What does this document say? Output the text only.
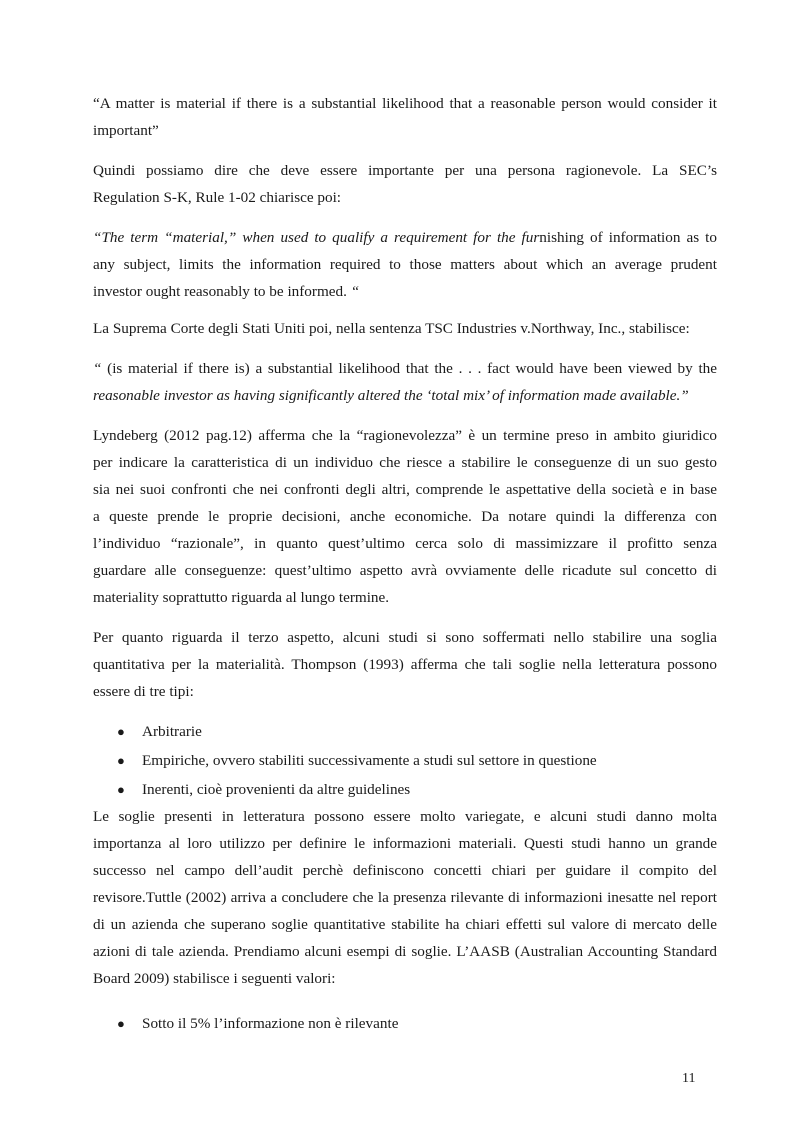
“A matter is material if there is a substantial likelihood that a reasonable person would consider it
important”

Quindi possiamo dire che deve essere importante per una persona ragionevole. La SEC’s
Regulation S-K, Rule 1-02 chiarisce poi:

“The term “material,” when used to qualify a requirement for the furnishing of information as to
any subject, limits the information required to those matters about which an average prudent
investor ought reasonably to be informed. “

La Suprema Corte degli Stati Uniti poi, nella sentenza TSC Industries v.Northway, Inc., stabilisce:

“ (is material if there is) a substantial likelihood that the . . . fact would have been viewed by the
reasonable investor as having significantly altered the ‘total mix’ of information made available.”

Lyndeberg (2012 pag.12) afferma che la “ragionevolezza” è un termine preso in ambito giuridico
per indicare la caratteristica di un individuo che riesce a stabilire le conseguenze di un suo gesto
sia nei suoi confronti che nei confronti degli altri, comprende le aspettative della società e in base
a queste prende le proprie decisioni, anche economiche. Da notare quindi la differenza con
l’individuo “razionale”, in quanto quest’ultimo cerca solo di massimizzare il profitto senza
guardare alle conseguenze: quest’ultimo aspetto avrà ovviamente delle ricadute sul concetto di
materiality soprattutto riguarda al lungo termine.

Per quanto riguarda il terzo aspetto, alcuni studi si sono soffermati nello stabilire una soglia
quantitativa per la materialità. Thompson (1993) afferma che tali soglie nella letteratura possono
essere di tre tipi:

● Arbitrarie
● Empiriche, ovvero stabiliti successivamente a studi sul settore in questione
● Inerenti, cioè provenienti da altre guidelines

Le soglie presenti in letteratura possono essere molto variegate, e alcuni studi danno molta
importanza al loro utilizzo per definire le informazioni materiali. Questi studi hanno un grande
successo nel campo dell’audit perchè definiscono concetti chiari per guidare il compito del
revisore.Tuttle (2002) arriva a concludere che la presenza rilevante di informazioni inesatte nel report
di un azienda che superano soglie quantitative stabilite ha chiari effetti sul valore di mercato delle
azioni di tale azienda. Prendiamo alcuni esempi di soglie. L’AASB (Australian Accounting Standard
Board 2009) stabilisce i seguenti valori:

● Sotto il 5% l’informazione non è rilevante
11
